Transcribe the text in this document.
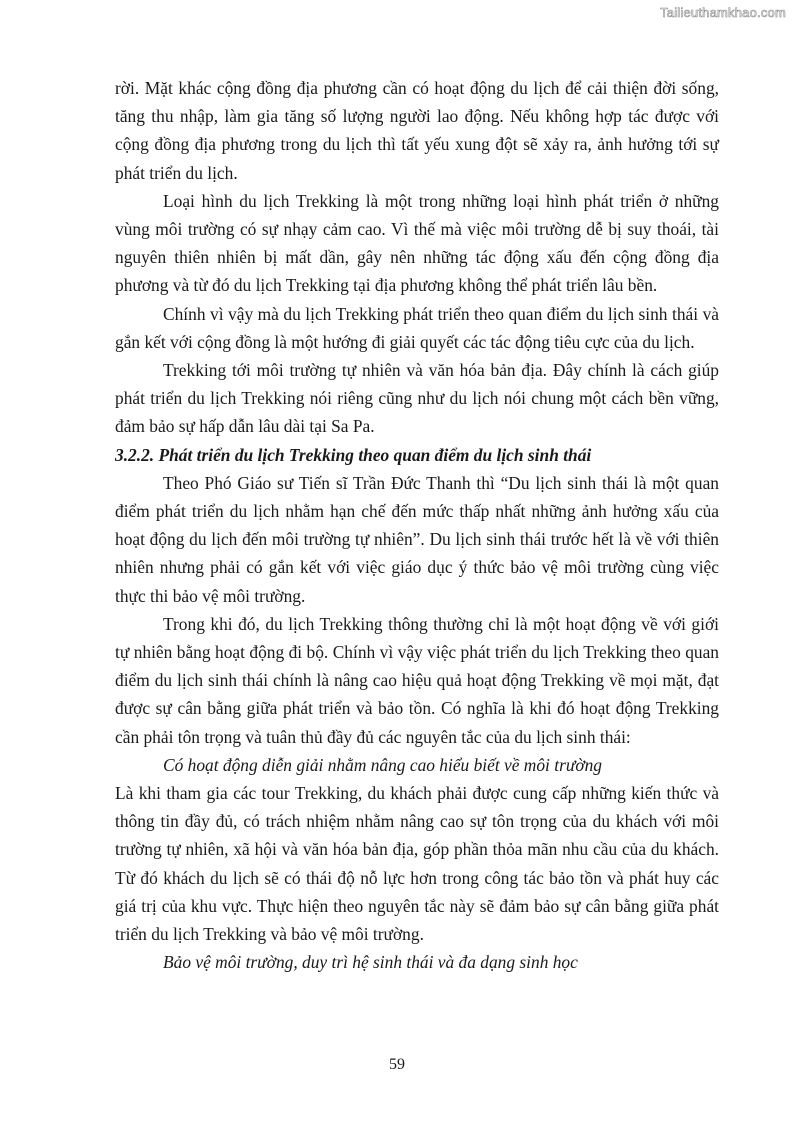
Tailieuthamkhao.com

rời. Mặt khác cộng đồng địa phương cần có hoạt động du lịch để cải thiện đời sống, tăng thu nhập, làm gia tăng số lượng người lao động. Nếu không hợp tác được với cộng đồng địa phương trong du lịch thì tất yếu xung đột sẽ xảy ra, ảnh hưởng tới sự phát triển du lịch.

Loại hình du lịch Trekking là một trong những loại hình phát triển ở những vùng môi trường có sự nhạy cảm cao. Vì thế mà việc môi trường dễ bị suy thoái, tài nguyên thiên nhiên bị mất dần, gây nên những tác động xấu đến cộng đồng địa phương và từ đó du lịch Trekking tại địa phương không thể phát triển lâu bền.

Chính vì vậy mà du lịch Trekking phát triển theo quan điểm du lịch sinh thái và gắn kết với cộng đồng là một hướng đi giải quyết các tác động tiêu cực của du lịch.

Trekking tới môi trường tự nhiên và văn hóa bản địa. Đây chính là cách giúp phát triển du lịch Trekking nói riêng cũng như du lịch nói chung một cách bền vững, đảm bảo sự hấp dẫn lâu dài tại Sa Pa.

3.2.2. Phát triển du lịch Trekking theo quan điểm du lịch sinh thái

Theo Phó Giáo sư Tiến sĩ Trần Đức Thanh thì “Du lịch sinh thái là một quan điểm phát triển du lịch nhằm hạn chế đến mức thấp nhất những ảnh hưởng xấu của hoạt động du lịch đến môi trường tự nhiên”. Du lịch sinh thái trước hết là về với thiên nhiên nhưng phải có gắn kết với việc giáo dục ý thức bảo vệ môi trường cùng việc thực thi bảo vệ môi trường.

Trong khi đó, du lịch Trekking thông thường chỉ là một hoạt động về với giới tự nhiên bằng hoạt động đi bộ. Chính vì vậy việc phát triển du lịch Trekking theo quan điểm du lịch sinh thái chính là nâng cao hiệu quả hoạt động Trekking về mọi mặt, đạt được sự cân bằng giữa phát triển và bảo tồn. Có nghĩa là khi đó hoạt động Trekking cần phải tôn trọng và tuân thủ đầy đủ các nguyên tắc của du lịch sinh thái:

Có hoạt động diễn giải nhằm nâng cao hiểu biết về môi trường

Là khi tham gia các tour Trekking, du khách phải được cung cấp những kiến thức và thông tin đầy đủ, có trách nhiệm nhằm nâng cao sự tôn trọng của du khách với môi trường tự nhiên, xã hội và văn hóa bản địa, góp phần thỏa mãn nhu cầu của du khách. Từ đó khách du lịch sẽ có thái độ nỗ lực hơn trong công tác bảo tồn và phát huy các giá trị của khu vực. Thực hiện theo nguyên tắc này sẽ đảm bảo sự cân bằng giữa phát triển du lịch Trekking và bảo vệ môi trường.

Bảo vệ môi trường, duy trì hệ sinh thái và đa dạng sinh học

59
